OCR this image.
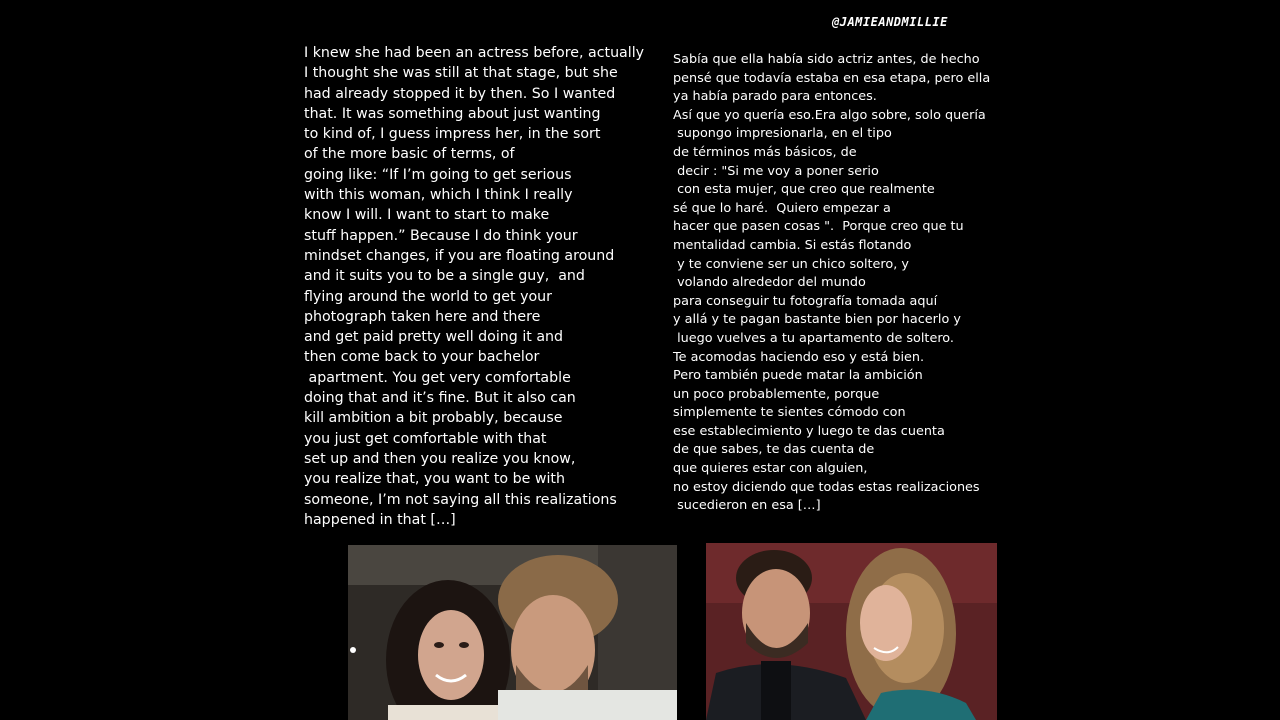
@JAMIEANDMILLIE
I knew she had been an actress before, actually
I thought she was still at that stage, but she
had already stopped it by then. So I wanted
that. It was something about just wanting
to kind of, I guess impress her, in the sort
of the more basic of terms, of
going like: “If I’m going to get serious
with this woman, which I think I really
know I will. I want to start to make
stuff happen.” Because I do think your
mindset changes, if you are floating around
and it suits you to be a single guy,  and
flying around the world to get your
photograph taken here and there
and get paid pretty well doing it and
then come back to your bachelor
apartment. You get very comfortable
doing that and it’s fine. But it also can
kill ambition a bit probably, because
you just get comfortable with that
set up and then you realize you know,
you realize that, you want to be with
someone, I’m not saying all this realizations
happened in that […]
Sabía que ella había sido actriz antes, de hecho
pensé que todavía estaba en esa etapa, pero ella
ya había parado para entonces.
Así que yo quería eso.Era algo sobre, solo quería
supongo impresionarla, en el tipo
de términos más básicos, de
decir : "Si me voy a poner serio
con esta mujer, que creo que realmente
sé que lo haré.  Quiero empezar a
hacer que pasen cosas ".  Porque creo que tu
mentalidad cambia. Si estás flotando
y te conviene ser un chico soltero, y
volando alrededor del mundo
para conseguir tu fotografía tomada aquí
y allá y te pagan bastante bien por hacerlo y
luego vuelves a tu apartamento de soltero.
Te acomodas haciendo eso y está bien.
Pero también puede matar la ambición
un poco probablemente, porque
simplemente te sientes cómodo con
ese establecimiento y luego te das cuenta
de que sabes, te das cuenta de
que quieres estar con alguien,
no estoy diciendo que todas estas realizaciones
sucedieron en esa […]
